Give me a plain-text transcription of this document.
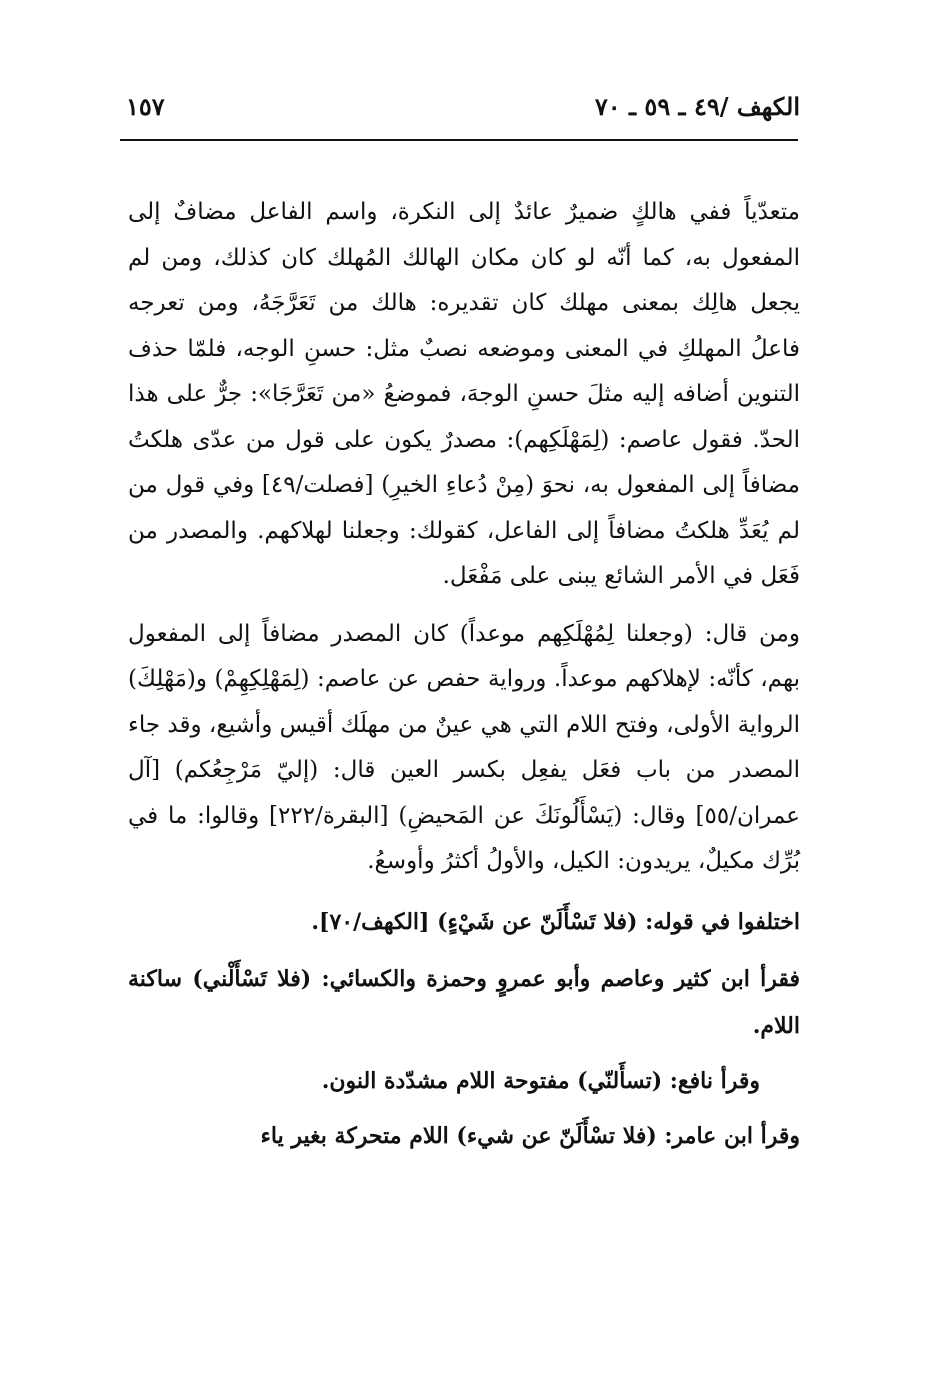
الكهف /٤٩ ـ ٥٩ ـ ٧٠
١٥٧

متعدّياً ففي هالكٍ ضميرٌ عائدٌ إلى النكرة، واسم الفاعل مضافٌ إلى المفعول به، كما أنّه لو كان مكان الهالك المُهلك كان كذلك، ومن لم يجعل هالِك بمعنى مهلك كان تقديره: هالك من تَعَرَّجَهُ، ومن تعرجه فاعلُ المهلكِ في المعنى وموضعه نصبٌ مثل: حسنِ الوجه، فلمّا حذف التنوين أضافه إليه مثلَ حسنِ الوجهَ، فموضعُ «من تَعَرَّجَا»: جرٌّ على هذا الحدّ. فقول عاصم: (لِمَهْلَكِهم): مصدرٌ يكون على قول من عدّى هلكتُ مضافاً إلى المفعول به، نحوَ (مِنْ دُعاءِ الخيرِ) [فصلت/٤٩] وفي قول من لم يُعَدِّ هلكتُ مضافاً إلى الفاعل، كقولك: وجعلنا لهلاكهم. والمصدر من فَعَل في الأمر الشائع يبنى على مَفْعَل.

ومن قال: (وجعلنا لِمُهْلَكِهم موعداً) كان المصدر مضافاً إلى المفعول بهم، كأنّه: لإهلاكهم موعداً. ورواية حفص عن عاصم: (لِمَهْلِكِهِمْ) و(مَهْلِكَ) الرواية الأولى، وفتح اللام التي هي عينٌ من مهلَك أقيس وأشيع، وقد جاء المصدر من باب فعَل يفعِل بكسر العين قال: (إليّ مَرْجِعُكم) [آل عمران/٥٥] وقال: (يَسْأَلُونَكَ عن المَحيضِ) [البقرة/٢٢٢] وقالوا: ما في بُرِّك مكيلٌ، يريدون: الكيل، والأولُ أكثرُ وأوسعُ.

اختلفوا في قوله: (فلا تَسْأَلَنّ عن شَيْءٍ) [الكهف/٧٠].

فقرأ ابن كثير وعاصم وأبو عمروٍ وحمزة والكسائي: (فلا تَسْأَلْني) ساكنة اللام.

وقرأ نافع: (تسأَلنّي) مفتوحة اللام مشدّدة النون.

وقرأ ابن عامر: (فلا تسْأَلَنّ عن شيء) اللام متحركة بغير ياء
